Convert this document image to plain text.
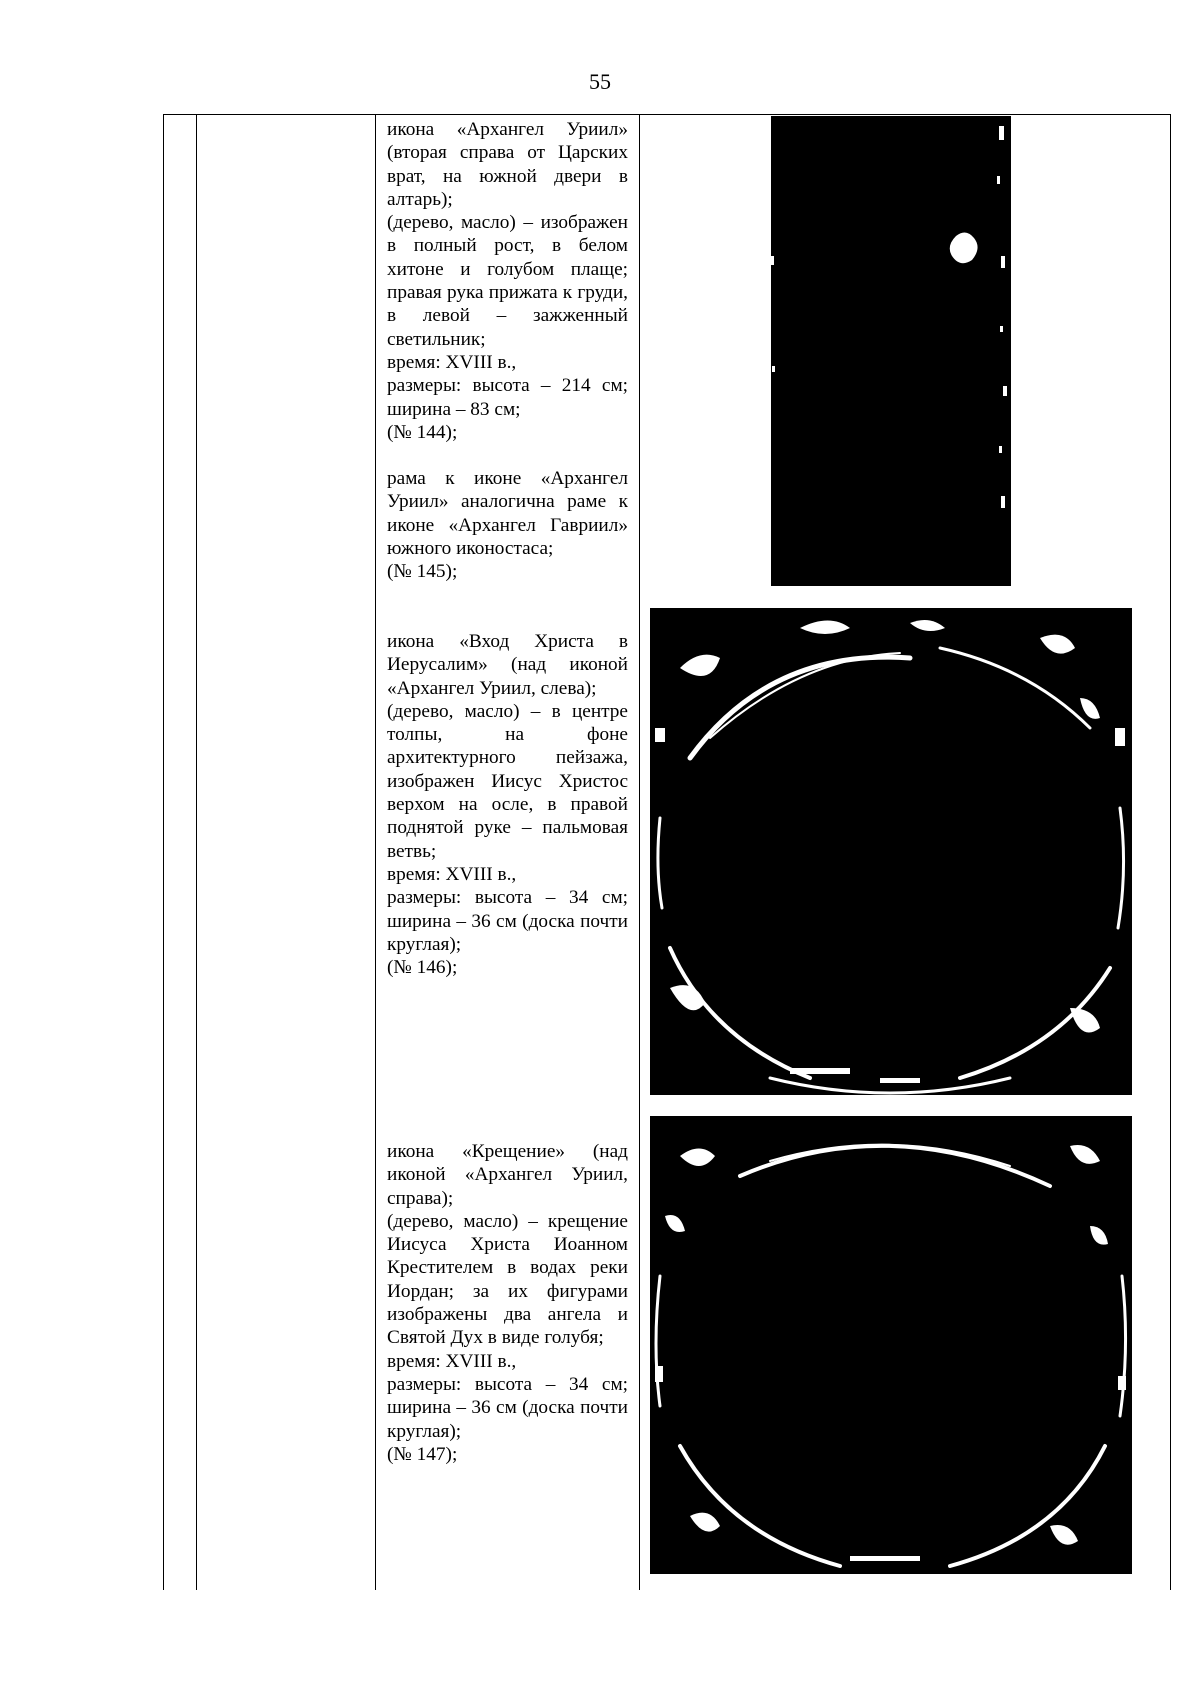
55

икона «Архангел Уриил» (вторая справа от Царских врат, на южной двери в алтарь);

(дерево, масло) – изображен в полный рост, в белом хитоне и голубом плаще; правая рука прижата к груди, в левой – зажженный светильник;

время: XVIII в.,

размеры: высота – 214 см; ширина – 83 см;

(№ 144);

рама к иконе «Архангел Уриил» аналогична раме к иконе «Архангел Гавриил» южного иконостаса;

(№ 145);

икона «Вход Христа в Иерусалим» (над иконой «Архангел Уриил, слева);

(дерево, масло) – в центре толпы, на фоне архитектурного пейзажа, изображен Иисус Христос верхом на осле, в правой поднятой руке – пальмовая ветвь;

время: XVIII в.,

размеры: высота – 34 см; ширина – 36 см (доска почти круглая);

(№ 146);

икона «Крещение» (над иконой «Архангел Уриил, справа);

(дерево, масло) – крещение Иисуса Христа Иоанном Крестителем в водах реки Иордан; за их фигурами изображены два ангела и Святой Дух в виде голубя;

время: XVIII в.,

размеры: высота – 34 см; ширина – 36 см (доска почти круглая);

(№ 147);
